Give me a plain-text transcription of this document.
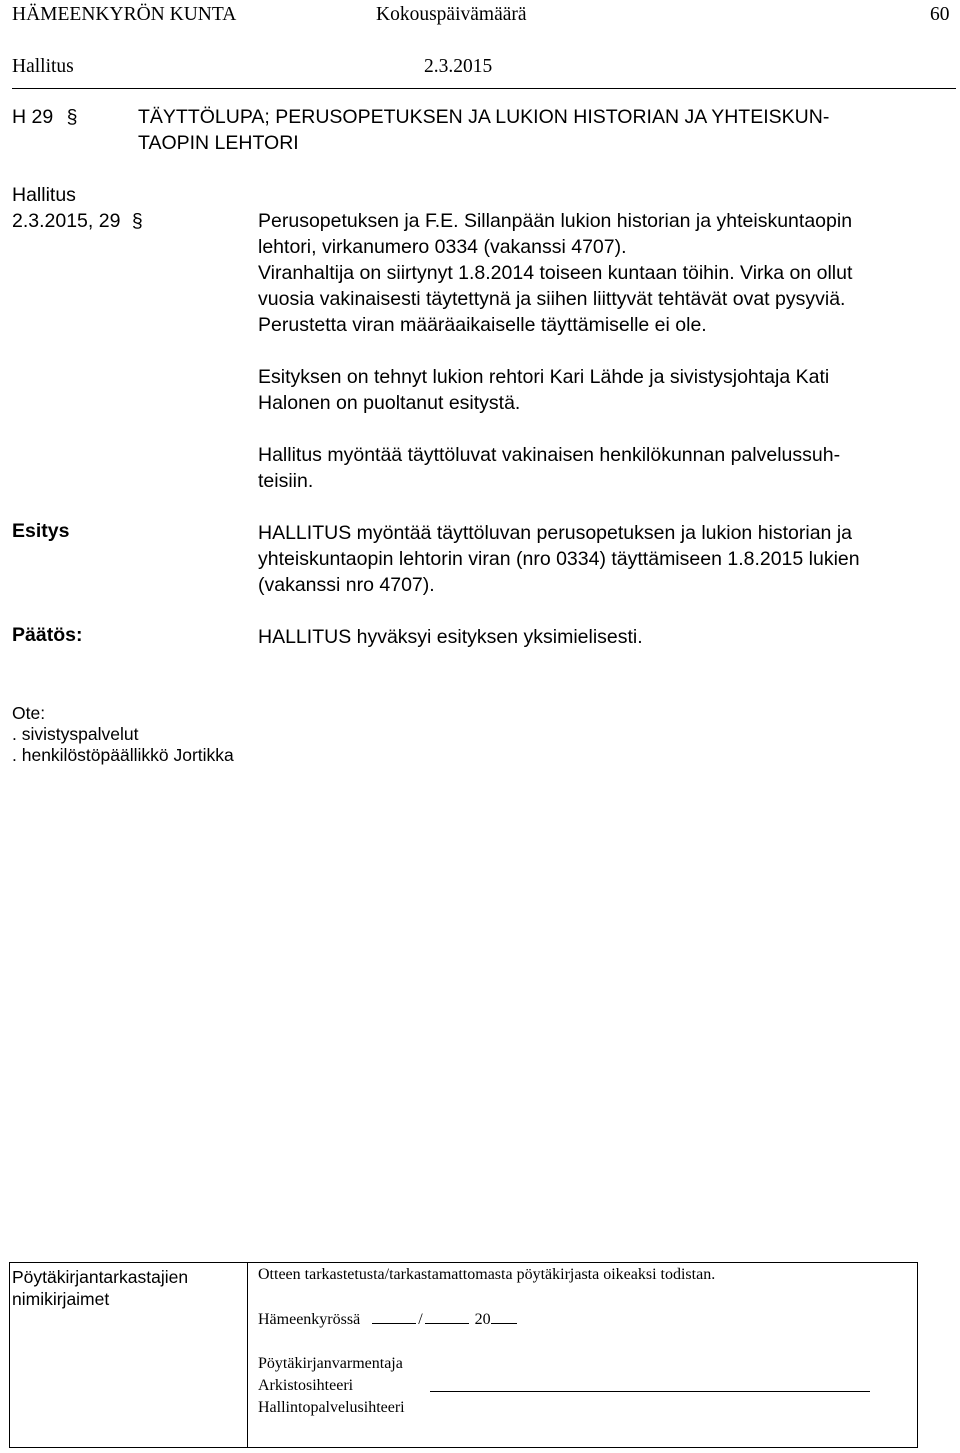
HÄMEENKYRÖN KUNTA	Kokouspäivämäärä	60
Hallitus	2.3.2015
H 29 §	TÄYTTÖLUPA; PERUSOPETUKSEN JA LUKION HISTORIAN JA YHTEISKUN-
TAOPIN LEHTORI
Hallitus
2.3.2015, 29 §	Perusopetuksen ja F.E. Sillanpään lukion historian ja yhteiskuntaopin
lehtori, virkanumero 0334 (vakanssi 4707).
Viranhaltija on siirtynyt 1.8.2014 toiseen kuntaan töihin. Virka on ollut
vuosia vakinaisesti täytettynä ja siihen liittyvät tehtävät ovat pysyviä.
Perustetta viran määräaikaiselle täyttämiselle ei ole.
Esityksen on tehnyt lukion rehtori Kari Lähde ja sivistysjohtaja Kati
Halonen on puoltanut esitystä.
Hallitus myöntää täyttöluvat vakinaisen henkilökunnan palvelussuh-
teisiin.
Esitys	HALLITUS myöntää täyttöluvan perusopetuksen ja lukion historian ja
yhteiskuntaopin lehtorin viran (nro 0334) täyttämiseen 1.8.2015 lukien
(vakanssi nro 4707).
Päätös:	HALLITUS hyväksyi esityksen yksimielisesti.
Ote:
. sivistyspalvelut
. henkilöstöpäällikkö Jortikka
Pöytäkirjantarkastajien
nimikirjaimet
Otteen tarkastetusta/tarkastamattomasta pöytäkirjasta oikeaksi todistan.
Hämeenkyrössä	/	20
Pöytäkirjanvarmentaja
Arkistosihteeri
Hallintopalvelusihteeri
